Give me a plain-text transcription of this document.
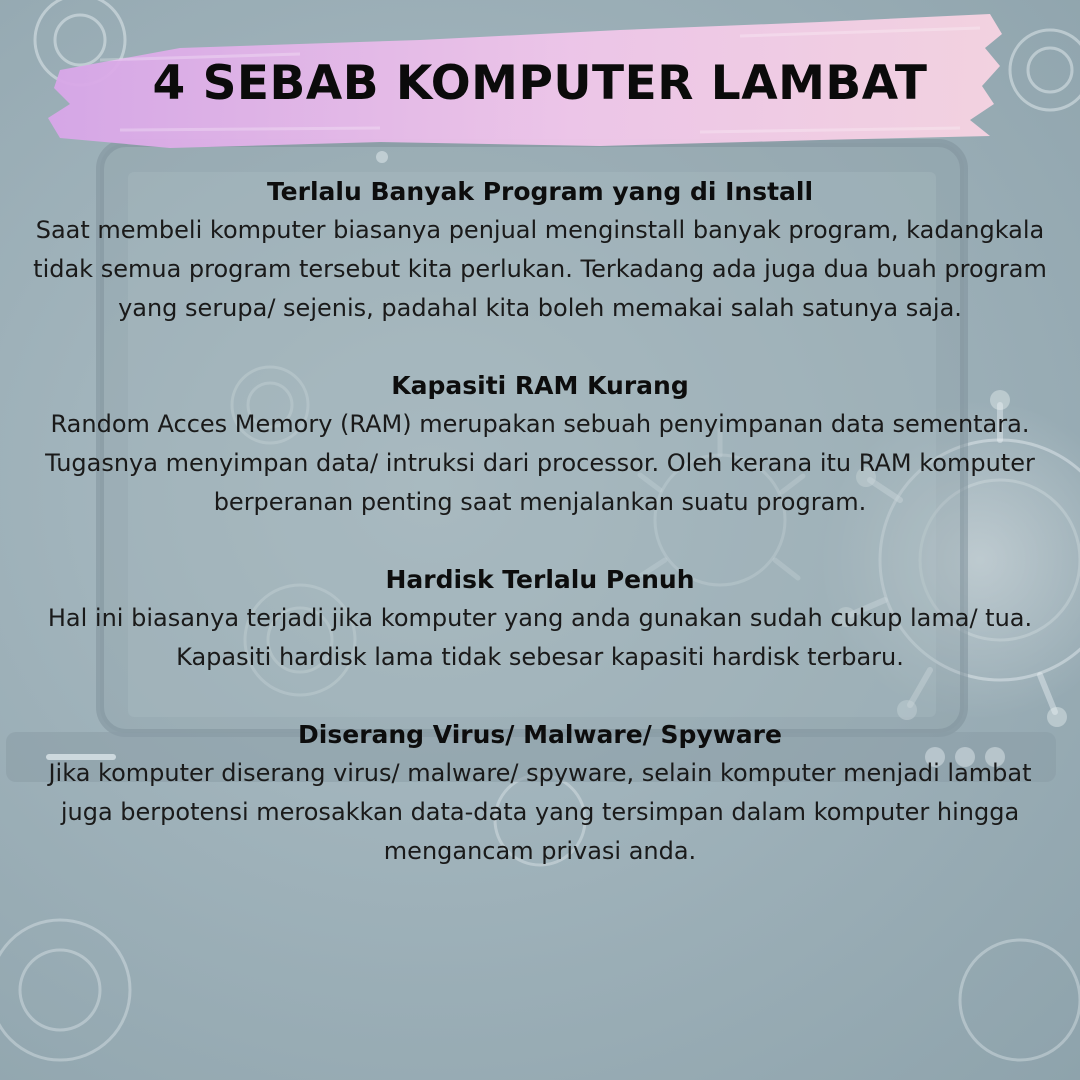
4 SEBAB KOMPUTER LAMBAT
Terlalu Banyak Program yang di Install
Saat membeli komputer biasanya penjual menginstall banyak program, kadangkala tidak semua program tersebut kita perlukan. Terkadang ada juga dua buah program yang serupa/ sejenis, padahal kita boleh memakai salah satunya saja.
Kapasiti RAM Kurang
Random Acces Memory (RAM) merupakan sebuah penyimpanan data sementara. Tugasnya menyimpan data/ intruksi dari processor. Oleh kerana itu RAM komputer berperanan penting saat menjalankan suatu program.
Hardisk Terlalu Penuh
Hal ini biasanya terjadi jika komputer yang anda gunakan sudah cukup lama/ tua. Kapasiti hardisk lama tidak sebesar kapasiti hardisk terbaru.
Diserang Virus/ Malware/ Spyware
Jika komputer diserang virus/ malware/ spyware, selain komputer menjadi lambat juga berpotensi merosakkan data-data yang tersimpan dalam komputer hingga mengancam privasi anda.
